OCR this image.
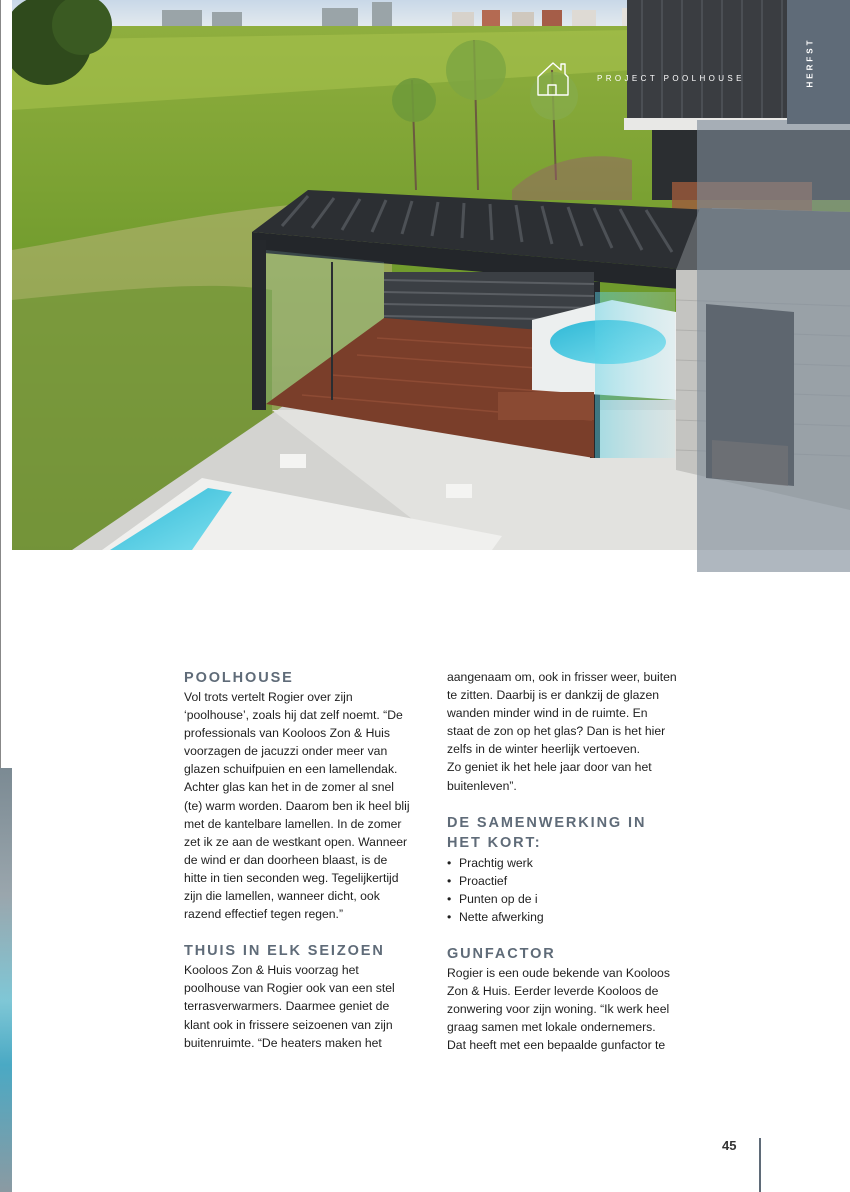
HERFST
PROJECT POOLHOUSE
POOLHOUSE
Vol trots vertelt Rogier over zijn
‘poolhouse’, zoals hij dat zelf noemt. “De
professionals van Kooloos Zon & Huis
voorzagen de jacuzzi onder meer van
glazen schuifpuien en een lamellendak.
Achter glas kan het in de zomer al snel
(te) warm worden. Daarom ben ik heel blij
met de kantelbare lamellen. In de zomer
zet ik ze aan de westkant open. Wanneer
de wind er dan doorheen blaast, is de
hitte in tien seconden weg. Tegelijkertijd
zijn die lamellen, wanneer dicht, ook
razend effectief tegen regen.”
THUIS IN ELK SEIZOEN
Kooloos Zon & Huis voorzag het
poolhouse van Rogier ook van een stel
terrasverwarmers. Daarmee geniet de
klant ook in frissere seizoenen van zijn
buitenruimte. “De heaters maken het
aangenaam om, ook in frisser weer, buiten
te zitten. Daarbij is er dankzij de glazen
wanden minder wind in de ruimte. En
staat de zon op het glas? Dan is het hier
zelfs in de winter heerlijk vertoeven.
Zo geniet ik het hele jaar door van het
buitenleven”.
DE SAMENWERKING IN
HET KORT:
• Prachtig werk
• Proactief
• Punten op de i
• Nette afwerking
GUNFACTOR
Rogier is een oude bekende van Kooloos
Zon & Huis. Eerder leverde Kooloos de
zonwering voor zijn woning. “Ik werk heel
graag samen met lokale ondernemers.
Dat heeft met een bepaalde gunfactor te
45
